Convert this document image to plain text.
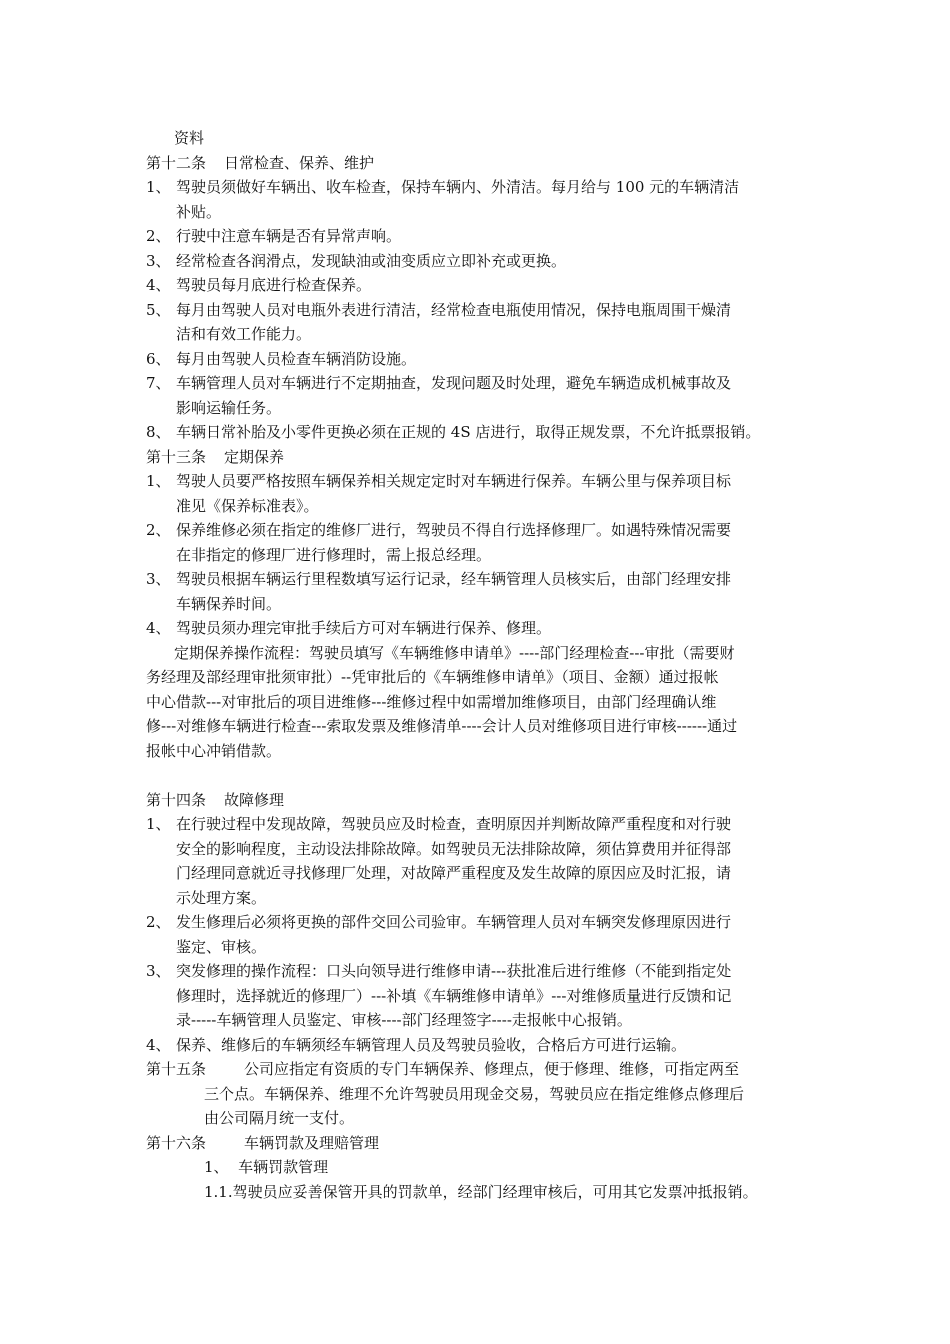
资料
第十二条 日常检查、保养、维护
1、 驾驶员须做好车辆出、收车检查，保持车辆内、外清洁。每月给与 100 元的车辆清洁
补贴。
2、 行驶中注意车辆是否有异常声响。
3、 经常检查各润滑点，发现缺油或油变质应立即补充或更换。
4、 驾驶员每月底进行检查保养。
5、 每月由驾驶人员对电瓶外表进行清洁，经常检查电瓶使用情况，保持电瓶周围干燥清
洁和有效工作能力。
6、 每月由驾驶人员检查车辆消防设施。
7、 车辆管理人员对车辆进行不定期抽查，发现问题及时处理，避免车辆造成机械事故及
影响运输任务。
8、 车辆日常补胎及小零件更换必须在正规的 4S 店进行，取得正规发票，不允许抵票报销。
第十三条 定期保养
1、 驾驶人员要严格按照车辆保养相关规定定时对车辆进行保养。车辆公里与保养项目标
准见《保养标准表》。
2、 保养维修必须在指定的维修厂进行，驾驶员不得自行选择修理厂。如遇特殊情况需要
在非指定的修理厂进行修理时，需上报总经理。
3、 驾驶员根据车辆运行里程数填写运行记录，经车辆管理人员核实后，由部门经理安排
车辆保养时间。
4、 驾驶员须办理完审批手续后方可对车辆进行保养、修理。
定期保养操作流程：驾驶员填写《车辆维修申请单》----部门经理检查---审批（需要财
务经理及部经理审批须审批）--凭审批后的《车辆维修申请单》（项目、金额）通过报帐
中心借款---对审批后的项目进维修---维修过程中如需增加维修项目，由部门经理确认维
修---对维修车辆进行检查---索取发票及维修清单----会计人员对维修项目进行审核------通过
报帐中心冲销借款。
第十四条 故障修理
1、 在行驶过程中发现故障，驾驶员应及时检查，查明原因并判断故障严重程度和对行驶
安全的影响程度，主动设法排除故障。如驾驶员无法排除故障，须估算费用并征得部
门经理同意就近寻找修理厂处理，对故障严重程度及发生故障的原因应及时汇报，请
示处理方案。
2、 发生修理后必须将更换的部件交回公司验审。车辆管理人员对车辆突发修理原因进行
鉴定、审核。
3、 突发修理的操作流程：口头向领导进行维修申请---获批准后进行维修（不能到指定处
修理时，选择就近的修理厂）---补填《车辆维修申请单》---对维修质量进行反馈和记
录-----车辆管理人员鉴定、审核----部门经理签字----走报帐中心报销。
4、 保养、维修后的车辆须经车辆管理人员及驾驶员验收，合格后方可进行运输。
第十五条	公司应指定有资质的专门车辆保养、修理点，便于修理、维修，可指定两至
三个点。车辆保养、维理不允许驾驶员用现金交易，驾驶员应在指定维修点修理后
由公司隔月统一支付。
第十六条	车辆罚款及理赔管理
1、  车辆罚款管理
1.1.驾驶员应妥善保管开具的罚款单，经部门经理审核后，可用其它发票冲抵报销。
